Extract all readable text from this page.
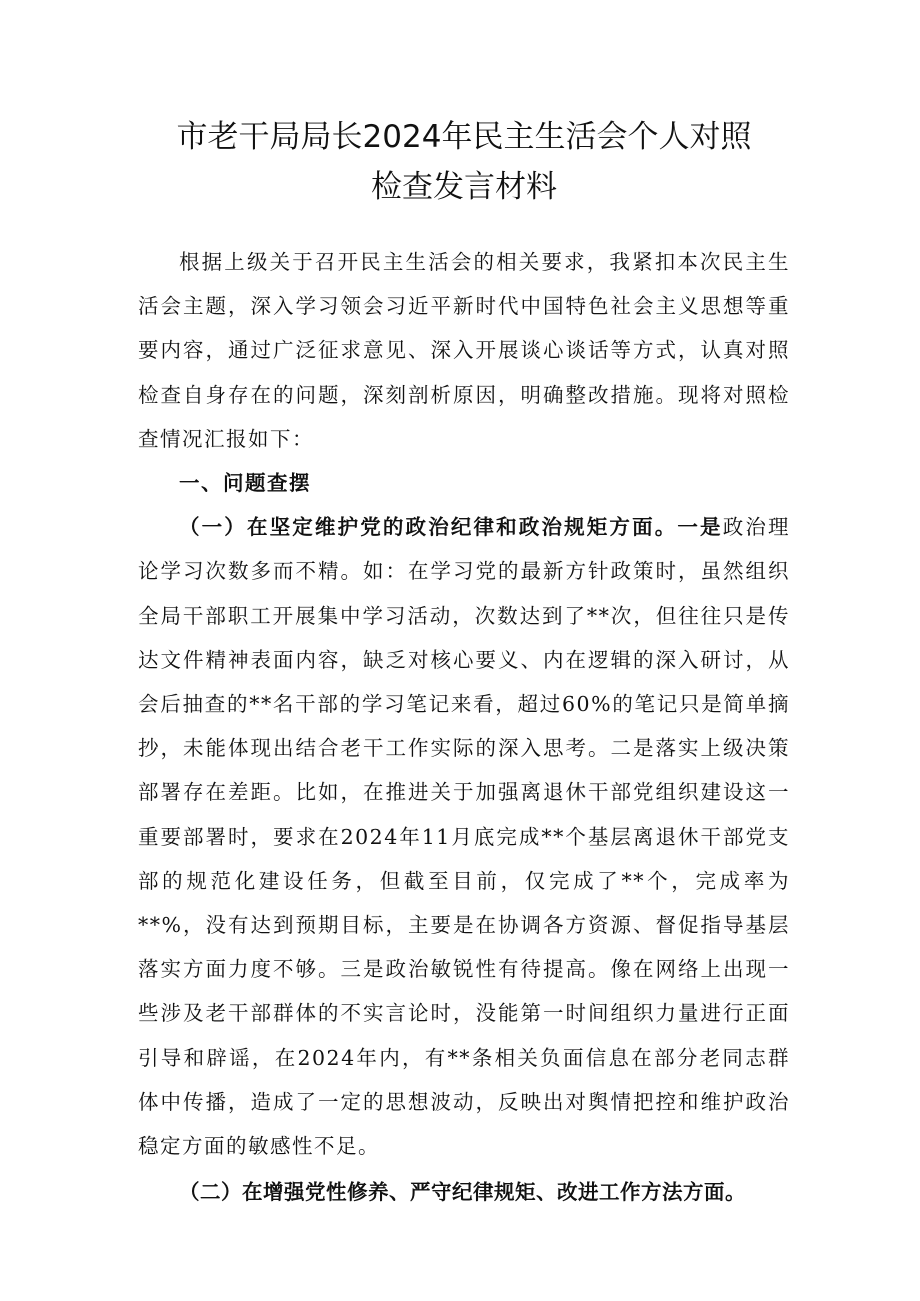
市老干局局长2024年民主生活会个人对照
检查发言材料

根据上级关于召开民主生活会的相关要求，我紧扣本次民主生活会主题，深入学习领会习近平新时代中国特色社会主义思想等重要内容，通过广泛征求意见、深入开展谈心谈话等方式，认真对照检查自身存在的问题，深刻剖析原因，明确整改措施。现将对照检查情况汇报如下：

一、问题查摆

（一）在坚定维护党的政治纪律和政治规矩方面。一是政治理论学习次数多而不精。如：在学习党的最新方针政策时，虽然组织全局干部职工开展集中学习活动，次数达到了**次，但往往只是传达文件精神表面内容，缺乏对核心要义、内在逻辑的深入研讨，从会后抽查的**名干部的学习笔记来看，超过60%的笔记只是简单摘抄，未能体现出结合老干工作实际的深入思考。二是落实上级决策部署存在差距。比如，在推进关于加强离退休干部党组织建设这一重要部署时，要求在2024年11月底完成**个基层离退休干部党支部的规范化建设任务，但截至目前，仅完成了**个，完成率为**%，没有达到预期目标，主要是在协调各方资源、督促指导基层落实方面力度不够。三是政治敏锐性有待提高。像在网络上出现一些涉及老干部群体的不实言论时，没能第一时间组织力量进行正面引导和辟谣，在2024年内，有**条相关负面信息在部分老同志群体中传播，造成了一定的思想波动，反映出对舆情把控和维护政治稳定方面的敏感性不足。

（二）在增强党性修养、严守纪律规矩、改进工作方法方面。
